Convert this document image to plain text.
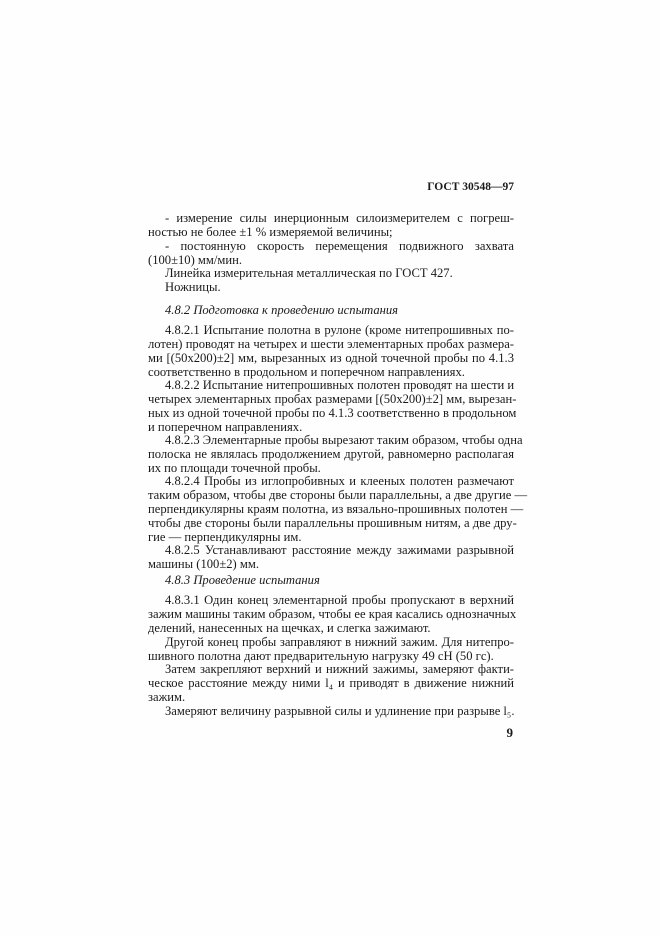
ГОСТ 30548—97
- измерение силы инерционным силоизмерителем с погреш-
ностью не более ±1 % измеряемой величины;
- постоянную скорость перемещения подвижного захвата
(100±10) мм/мин.
Линейка измерительная металлическая по ГОСТ 427.
Ножницы.
4.8.2 Подготовка к проведению испытания
4.8.2.1 Испытание полотна в рулоне (кроме нитепрошивных по-
лотен) проводят на четырех и шести элементарных пробах размера-
ми [(50x200)±2] мм, вырезанных из одной точечной пробы по 4.1.3
соответственно в продольном и поперечном направлениях.
4.8.2.2 Испытание нитепрошивных полотен проводят на шести и
четырех элементарных пробах размерами [(50x200)±2] мм, вырезан-
ных из одной точечной пробы по 4.1.3 соответственно в продольном
и поперечном направлениях.
4.8.2.3 Элементарные пробы вырезают таким образом, чтобы одна
полоска не являлась продолжением другой, равномерно располагая
их по площади точечной пробы.
4.8.2.4 Пробы из иглопробивных и клееных полотен размечают
таким образом, чтобы две стороны были параллельны, а две другие —
перпендикулярны краям полотна, из вязально-прошивных полотен —
чтобы две стороны были параллельны прошивным нитям, а две дру-
гие — перпендикулярны им.
4.8.2.5 Устанавливают расстояние между зажимами разрывной
машины (100±2) мм.
4.8.3 Проведение испытания
4.8.3.1 Один конец элементарной пробы пропускают в верхний
зажим машины таким образом, чтобы ее края касались однозначных
делений, нанесенных на щечках, и слегка зажимают.
Другой конец пробы заправляют в нижний зажим. Для нитепро-
шивного полотна дают предварительную нагрузку 49 сН (50 гс).
Затем закрепляют верхний и нижний зажимы, замеряют факти-
ческое расстояние между ними l₄ и приводят в движение нижний
зажим.
Замеряют величину разрывной силы и удлинение при разрыве l₅.
9
